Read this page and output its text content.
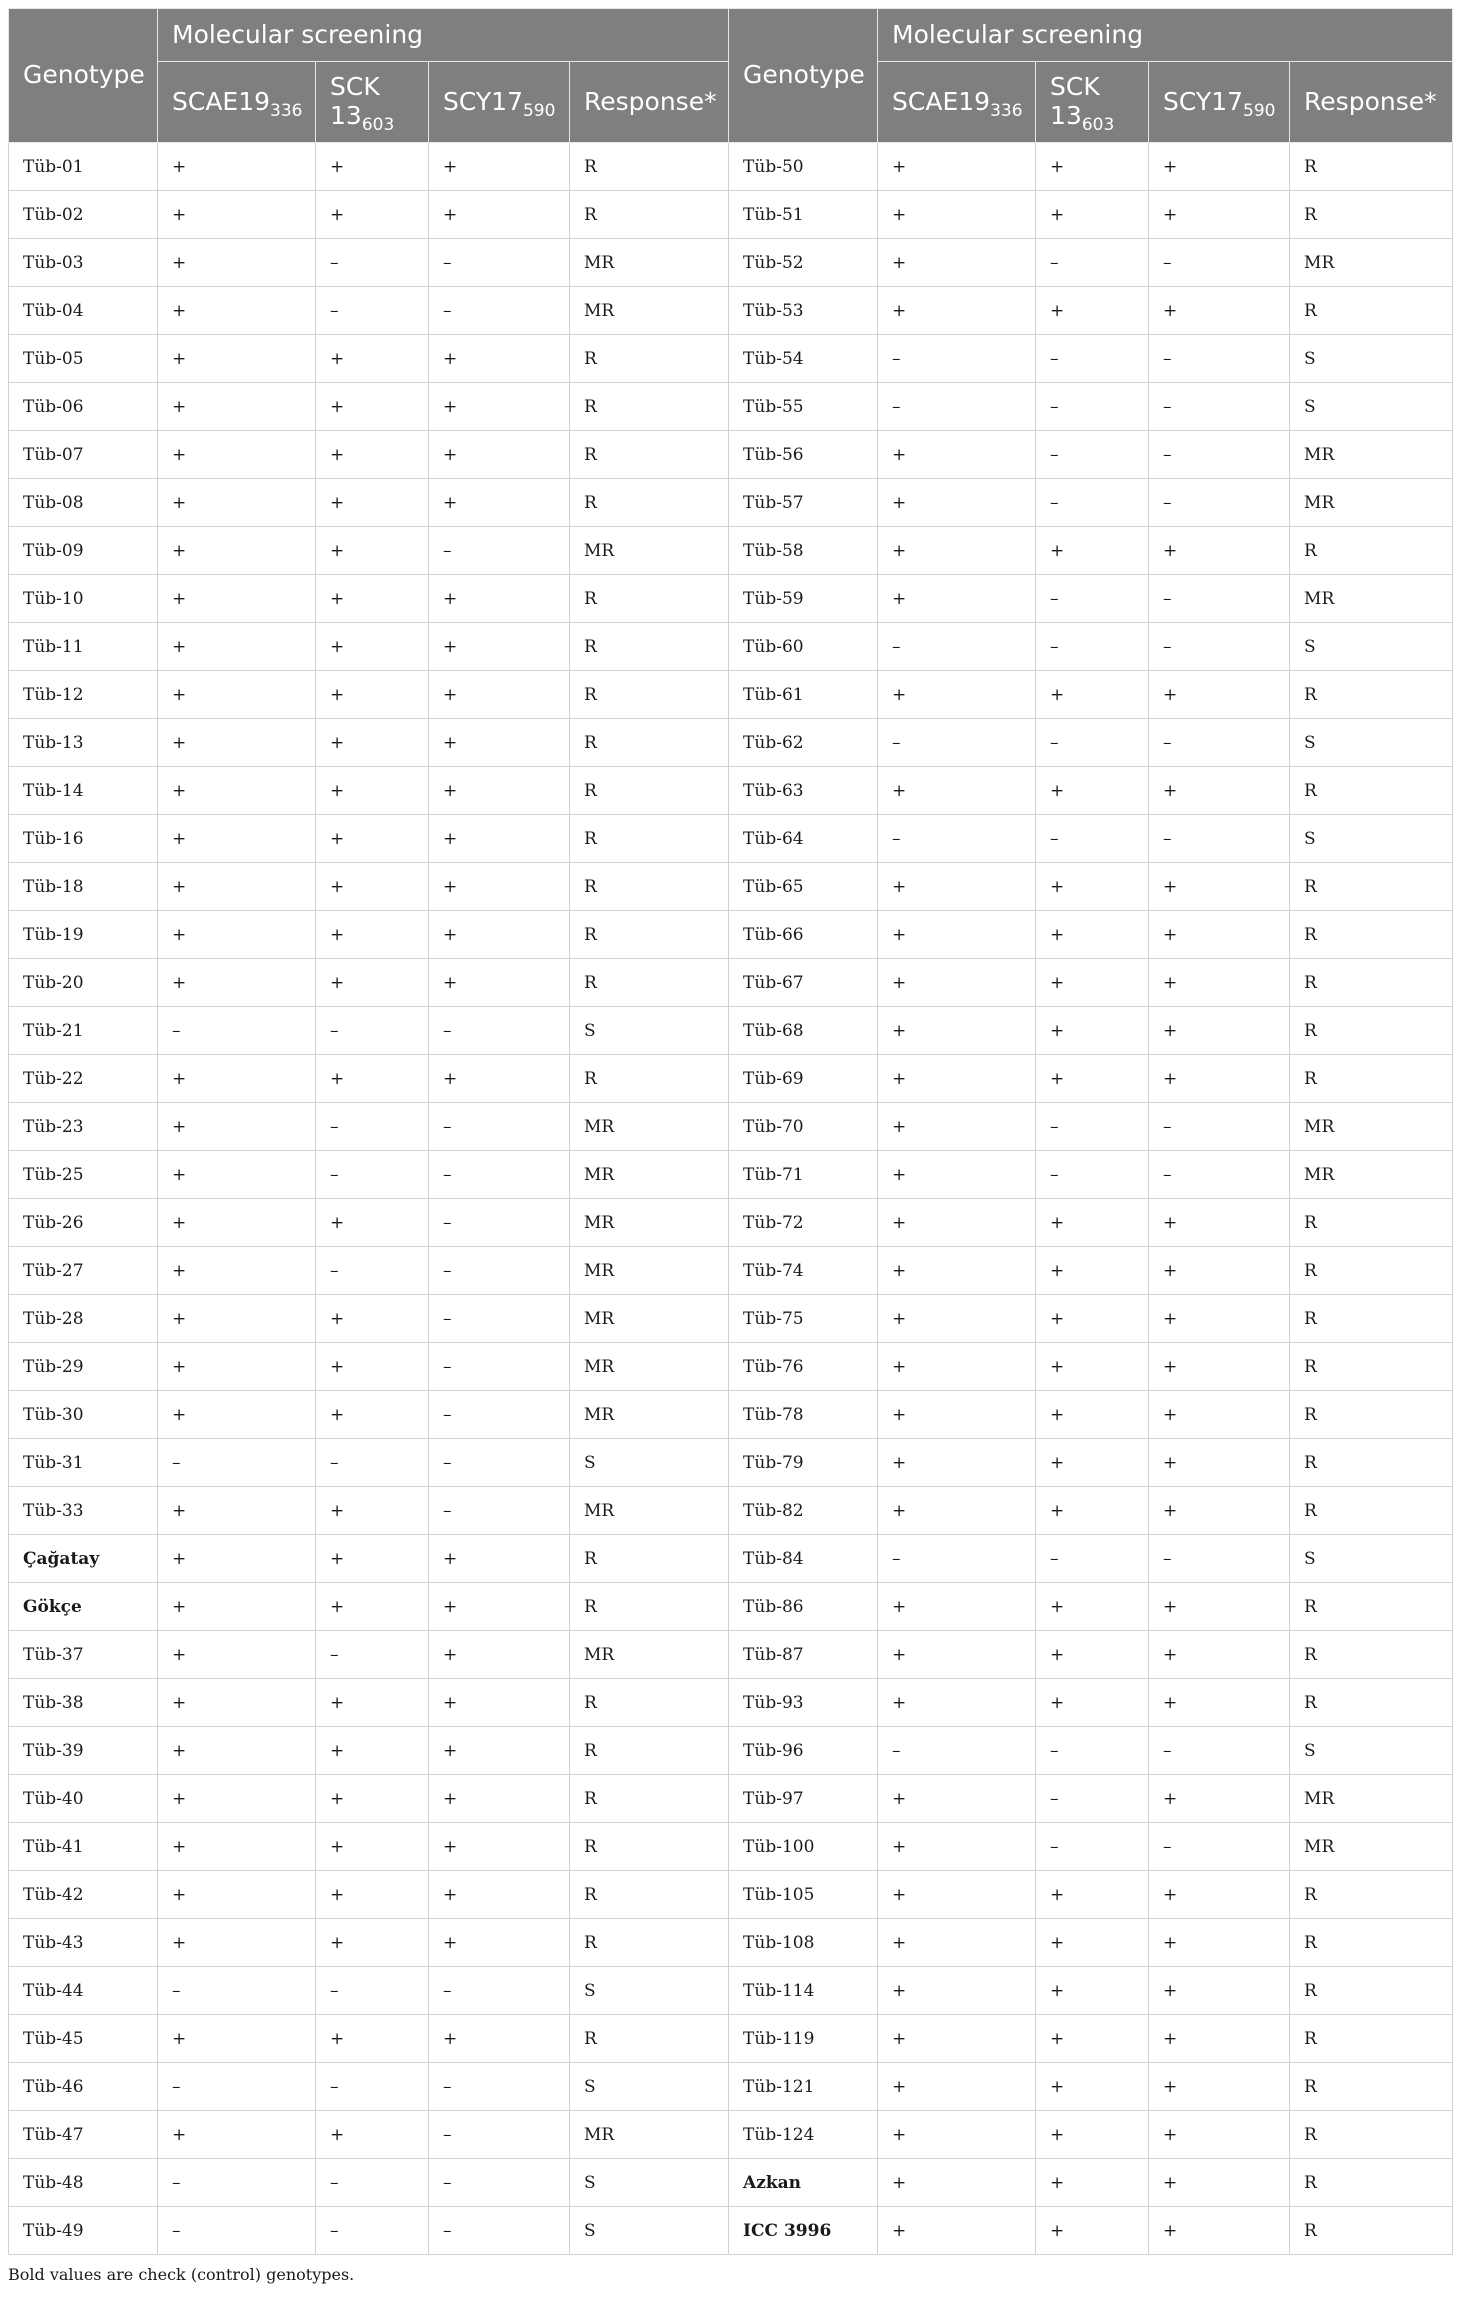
Genotype	Molecular screening				Genotype	Molecular screening			
	$SCAE19_{336}$	SCK $13_{603}$	$SCY17_{590}$	Response*		$SCAE19_{336}$	SCK $13_{603}$	$SCY17_{590}$	Response*
Tüb-01	+	+	+	R	Tüb-50	+	+	+	R
Tüb-02	+	+	+	R	Tüb-51	+	+	+	R
Tüb-03	+	–	–	MR	Tüb-52	+	–	–	MR
Tüb-04	+	–	–	MR	Tüb-53	+	+	+	R
Tüb-05	+	+	+	R	Tüb-54	–	–	–	S
Tüb-06	+	+	+	R	Tüb-55	–	–	–	S
Tüb-07	+	+	+	R	Tüb-56	+	–	–	MR
Tüb-08	+	+	+	R	Tüb-57	+	–	–	MR
Tüb-09	+	+	–	MR	Tüb-58	+	+	+	R
Tüb-10	+	+	+	R	Tüb-59	+	–	–	MR
Tüb-11	+	+	+	R	Tüb-60	–	–	–	S
Tüb-12	+	+	+	R	Tüb-61	+	+	+	R
Tüb-13	+	+	+	R	Tüb-62	–	–	–	S
Tüb-14	+	+	+	R	Tüb-63	+	+	+	R
Tüb-16	+	+	+	R	Tüb-64	–	–	–	S
Tüb-18	+	+	+	R	Tüb-65	+	+	+	R
Tüb-19	+	+	+	R	Tüb-66	+	+	+	R
Tüb-20	+	+	+	R	Tüb-67	+	+	+	R
Tüb-21	–	–	–	S	Tüb-68	+	+	+	R
Tüb-22	+	+	+	R	Tüb-69	+	+	+	R
Tüb-23	+	–	–	MR	Tüb-70	+	–	–	MR
Tüb-25	+	–	–	MR	Tüb-71	+	–	–	MR
Tüb-26	+	+	–	MR	Tüb-72	+	+	+	R
Tüb-27	+	–	–	MR	Tüb-74	+	+	+	R
Tüb-28	+	+	–	MR	Tüb-75	+	+	+	R
Tüb-29	+	+	–	MR	Tüb-76	+	+	+	R
Tüb-30	+	+	–	MR	Tüb-78	+	+	+	R
Tüb-31	–	–	–	S	Tüb-79	+	+	+	R
Tüb-33	+	+	–	MR	Tüb-82	+	+	+	R
Çağatay	+	+	+	R	Tüb-84	–	–	–	S
Gökçe	+	+	+	R	Tüb-86	+	+	+	R
Tüb-37	+	–	+	MR	Tüb-87	+	+	+	R
Tüb-38	+	+	+	R	Tüb-93	+	+	+	R
Tüb-39	+	+	+	R	Tüb-96	–	–	–	S
Tüb-40	+	+	+	R	Tüb-97	+	–	+	MR
Tüb-41	+	+	+	R	Tüb-100	+	–	–	MR
Tüb-42	+	+	+	R	Tüb-105	+	+	+	R
Tüb-43	+	+	+	R	Tüb-108	+	+	+	R
Tüb-44	–	–	–	S	Tüb-114	+	+	+	R
Tüb-45	+	+	+	R	Tüb-119	+	+	+	R
Tüb-46	–	–	–	S	Tüb-121	+	+	+	R
Tüb-47	+	+	–	MR	Tüb-124	+	+	+	R
Tüb-48	–	–	–	S	Azkan	+	+	+	R
Tüb-49	–	–	–	S	ICC 3996	+	+	+	R
Bold values are check (control) genotypes.
